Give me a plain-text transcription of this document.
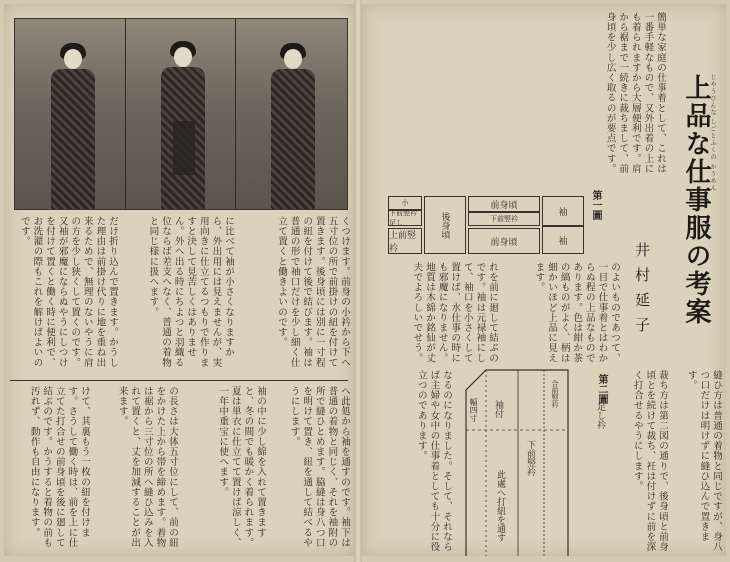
だけ折り込んで置きます。かうした理由は前掛け代りに地を重ね出来るためで、無理のないやうに肩の方を少し狭くして置くのです。又袖が邪魔にならぬやうにしつけを付けて置くと働く時に便利で、お洗濯の際もこれを解けばよいのです。	に比べて袖が小さくなりますから、外出用には見えませんが、実用向きに仕立てるつもりで作りますと決して見苦しくはありません。外へ出る時にちよつと羽織る位ならば差支へなく、普通の着物と同じ様に扱へます。	くつけます。前身の小衿から下へ五寸位の所で前掛けの紐を付けて置きます。後身頃には別に一寸程の紐を付けて後で結びます。袖は普通の形で袖口だけを少し細く仕立て置くと働きよいのです。
けて、其裏もう一枚の紐を付けます。さうして働く時は、前を上に仕立てた打合せの前身頃を後に廻して結ぶのです。かうすると着物の前も汚れず、動作も自由になります。	の長さは大体五寸位にして、前の紐をかけた上から帯を締めます。着物は裾から三寸位の所へ縫ひ込みを入れて置くと、丈を加減することが出来ます。	袖の中に少し綿を入れて置きますと、冬の間でも暖かく着られます。夏は単衣に仕立てて置けば涼しく、一年中重宝に使へます。	へ此処から袖を通すのです。袖下は普通の着物と同じく、それを袖附の所で縫ひとめます。脇縫は身八つ口を明けて置き、紐を通して結べるやうにします。
じやうひんな しごとふくの かうあん
上品な仕事服の考案
井村延子
簡単な家庭の仕事着として、これは一番手軽なもので、又外出着の上にも着られますから大層便利です。肩から裾まで一続きに裁ちまして、前身頃を少し広く取るのが要点です。
小
下前竪衿足し
上前竪衿
後身頃
前身頃
下前竪衿
前身頃
袖
袖
第一圖
れを前に廻して結ぶのです。袖は元禄袖にして、袖口を小さくして置けば、水仕事の時にも邪魔になりません。地質は木綿か銘仙が丈夫でよろしいでせう。	のよいものであつて、一目で仕事着とはわからぬ程の上品なものであります。色は紺か茶の縞ものがよく、柄は細かいほど上品に見えます。
合前竪衿
下前竪衿
袖付
此處へ打紐を通す
幅四寸	足し衿
第二圖
なるのになりました。そして、それならば主婦や女中の仕事着としても十分に役立つのであります。	裁ち方は第二図の通りで、後身頃と前身頃とを続けて裁ち、衽は付けずに前を深く打合せるやうにします。	縫ひ方は普通の着物と同じですが、身八つ口だけは明けずに縫ひ込んで置きます。
